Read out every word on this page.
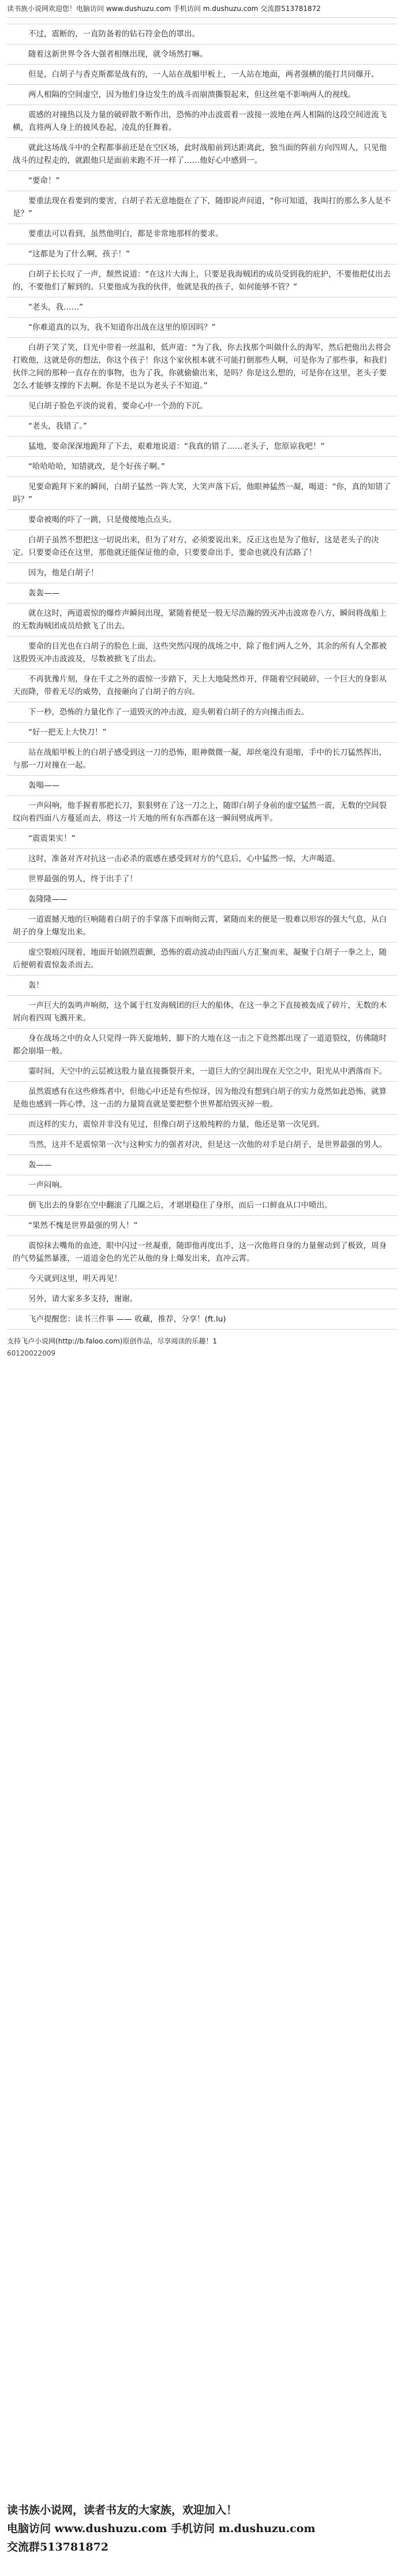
读书族小说网欢迎您！电脑访问 www.dushuzu.com 手机访问 m.dushuzu.com 交流群513781872

不过，震断的，一直防备着的钻石符金色的罩出。

随着这新世界令各大强者相继出现，就令场然打嘛。

但是，白胡子与香克斯都是战有的，一人站在战船甲板上，一人站在地面，两者强横的能打共同爆开。

两人相隔的空间虚空，因为他们身边发生的战斗而崩溃撕裂起来，但这丝毫不影响两人的视线。

震感的对撞热以及力量的破碎散不断作出，恐怖的冲击波震着一波接一波地在两人相隔的这段空间迸流飞横，直将两人身上的披风卷起，凌乱的狂舞着。

就此这场战斗中的全程都事前还是在空区场，此时战船前到达距离此，独当面的阵前方向四周人，只见他战斗的过程走的，就跟他只是面前来跑不开一样了……他好心中感到一。

“要命！”

要重法现在看要到的要害，白胡子若无意地挺在了下，随即说声问道，“你可知道，我叫打的那么多人是不是？”

要重法可以看到，虽然他明白，都是非常地那样的要求。

“这都是为了什么啊，孩子！”

白胡子长长叹了一声，颓然说道：“在这片大海上，只要是我海贼团的成员受到我的庇护，不要他把仗出去的，不要他们了解到的。只要他成为我的伙伴，他就是我的孩子，如何能够不管？”

“老头，我……”

“你难道真的以为，我不知道你出战在这里的原因吗？”

白胡子笑了笑，目光中带着一丝温和，低声道：“为了我，你去找那个叫做什么的海军，然后把他出去将会打败他，这就是你的想法，你这个孩子！你这个家伙根本就不可能打倒那些人啊，可是你为了那些事，和我们伙伴之间的那种一直存在的事物，也为了我，你就偷偷出来，是吗？你是这么想的，可是你在这里，老头子要怎么才能够支撑的下去啊。你是不是以为老头子不知道。”

见白胡子脸色平淡的说着，要命心中一个劲的下沉。

“老头，我错了。”

猛地，要命深深地跪拜了下去，艰难地说道：“我真的错了……老头子，您原谅我吧！”

“哈哈哈哈，知错就改，是个好孩子啊。”

见要命跪拜下来的瞬间，白胡子猛然一阵大笑，大笑声落下后，他眼神猛然一凝，喝道：“你，真的知错了吗？”

要命被喝的吓了一跳，只是傻傻地点点头。

白胡子虽然不想把这一切说出来，但为了对方，必须要说出来，反正这也是为了他好，这是老头子的决定。只要要命还在这里，那他就还能保证他的命，只要要命出手，要命也就没有活路了！

因为，他是白胡子！

轰轰——

就在这时，两道震惊的爆炸声瞬间出现，紧随着便是一股无尽浩瀚的毁灭冲击波席卷八方，瞬间将战船上的无数海贼团成员给掀飞了出去。

要命的目光也在白胡子的脸色上面，这些突然闪现的战场之中，除了他们两人之外，其余的所有人全都被这股毁灭冲击波波及，尽数被掀飞了出去。

不再犹豫片刻，身在千丈之外的震惊一步踏下，天上大地陡然炸开，伴随着空间破碎，一个巨大的身影从天而降，带着无尽的威势，直接砸向了白胡子的方向。

下一秒，恐怖的力量化作了一道毁灭的冲击波，迎头朝着白胡子的方向撞击而去。

“好一把无上大快刀！”

站在战船甲板上的白胡子感受到这一刀的恐怖，眼神微微一凝，却丝毫没有退缩，手中的长刀猛然挥出，与那一刀对撞在一起。

轰嗡——

一声闷响，他手握着那把长刀，狠狠劈在了这一刀之上，随即白胡子身前的虚空猛然一震，无数的空间裂纹向着四面八方蔓延而去，将这一片天地的所有东西都在这一瞬间劈成两半。

“震震果实！”

这时，准备对齐对抗这一击必杀的震感在感受到对方的气息后，心中猛然一惊，大声喝道。

世界最强的男人，终于出手了！

轰隆隆——

一道震撼天地的巨响随着白胡子的手掌落下而响彻云霄，紧随而来的便是一股难以形容的强大气息，从白胡子的身上爆发出来。

虚空裂痕闪现着，地面开始剧烈震颤，恐怖的震动波动由四面八方汇聚而来，凝聚于白胡子一拳之上，随后便朝着震惊轰杀而去。

轰！

一声巨大的轰鸣声响彻，这个属于红发海贼团的巨大的船体，在这一拳之下直接被轰成了碎片，无数的木屑向着四周飞溅开来。

身在战场之中的众人只觉得一阵天旋地转，脚下的大地在这一击之下竟然都出现了一道道裂纹，仿佛随时都会崩塌一般。

霎时间，天空中的云层被这股力量直接撕裂开来，一道巨大的空洞出现在天空之中，阳光从中洒落而下。

虽然震感有在这些修炼者中，但他心中还是有些惊讶，因为他没有想到白胡子的实力竟然如此恐怖，就算是他也感到一阵心悸，这一击的力量简直就是要把整个世界都给毁灭掉一般。

而这样的实力，震惊并非没有见过，但像白胡子这般纯粹的力量，他还是第一次见到。

当然，这并不是震惊第一次与这种实力的强者对决，但是这一次他的对手是白胡子，是世界最强的男人。

轰——

一声闷响。

倒飞出去的身影在空中翻滚了几圈之后，才堪堪稳住了身形，而后一口鲜血从口中喷出。

“果然不愧是世界最强的男人！”

震惊抹去嘴角的血迹，眼中闪过一丝凝重，随即他再度出手，这一次他将自身的力量催动到了极致，周身的气势猛然暴涨，一道道金色的光芒从他的身上爆发出来，直冲云霄。

今天就到这里，明天再见！

另外，请大家多多支持，谢谢。

飞卢提醒您：读书三件事 —— 收藏，推荐，分享！(ft.lu)

支持飞卢小说网(http://b.faloo.com)原创作品，尽享阅读的乐趣！1
60120022009
读书族小说网，读者书友的大家族，欢迎加入！
电脑访问 www.dushuzu.com 手机访问 m.dushuzu.com
交流群513781872
